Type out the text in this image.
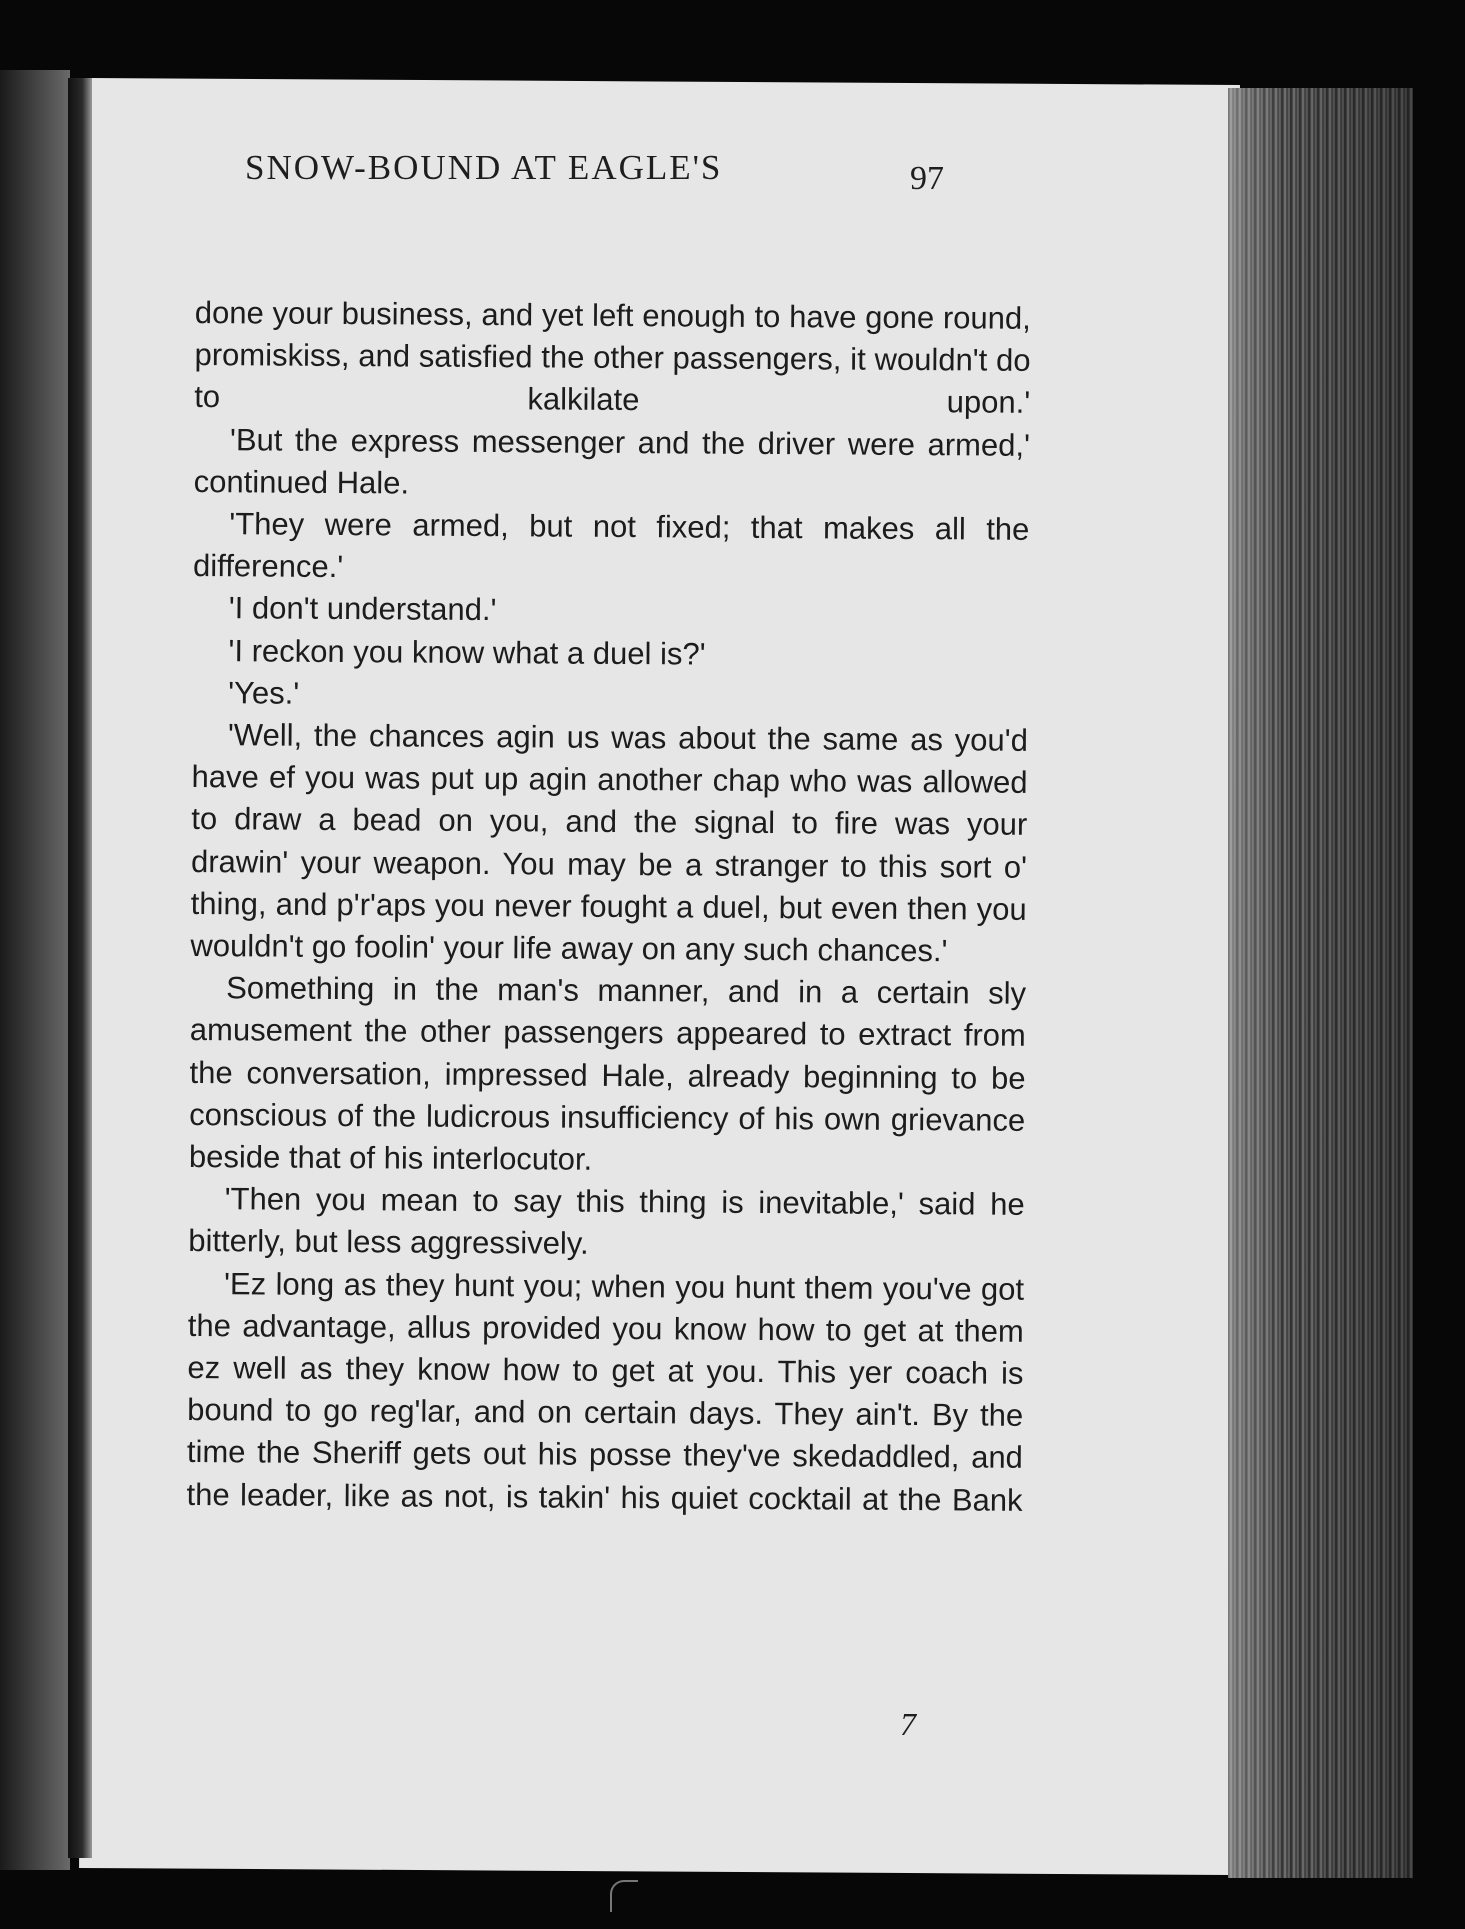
SNOW-BOUND AT EAGLE'S	97

done your business, and yet left enough to have gone round, promiskiss, and satisfied the other passengers, it wouldn't do to kalkilate upon.'

'But the express messenger and the driver were armed,' continued Hale.

'They were armed, but not fixed; that makes all the difference.'

'I don't understand.'

'I reckon you know what a duel is?'

'Yes.'

'Well, the chances agin us was about the same as you'd have ef you was put up agin another chap who was allowed to draw a bead on you, and the signal to fire was your drawin' your weapon. You may be a stranger to this sort o' thing, and p'r'aps you never fought a duel, but even then you wouldn't go foolin' your life away on any such chances.'

Something in the man's manner, and in a certain sly amusement the other passengers appeared to extract from the conversation, impressed Hale, already beginning to be conscious of the ludicrous insufficiency of his own grievance beside that of his interlocutor.

'Then you mean to say this thing is inevitable,' said he bitterly, but less aggressively.

'Ez long as they hunt you; when you hunt them you've got the advantage, allus provided you know how to get at them ez well as they know how to get at you. This yer coach is bound to go reg'lar, and on certain days. They ain't. By the time the Sheriff gets out his posse they've skedaddled, and the leader, like as not, is takin' his quiet cocktail at the Bank

7
